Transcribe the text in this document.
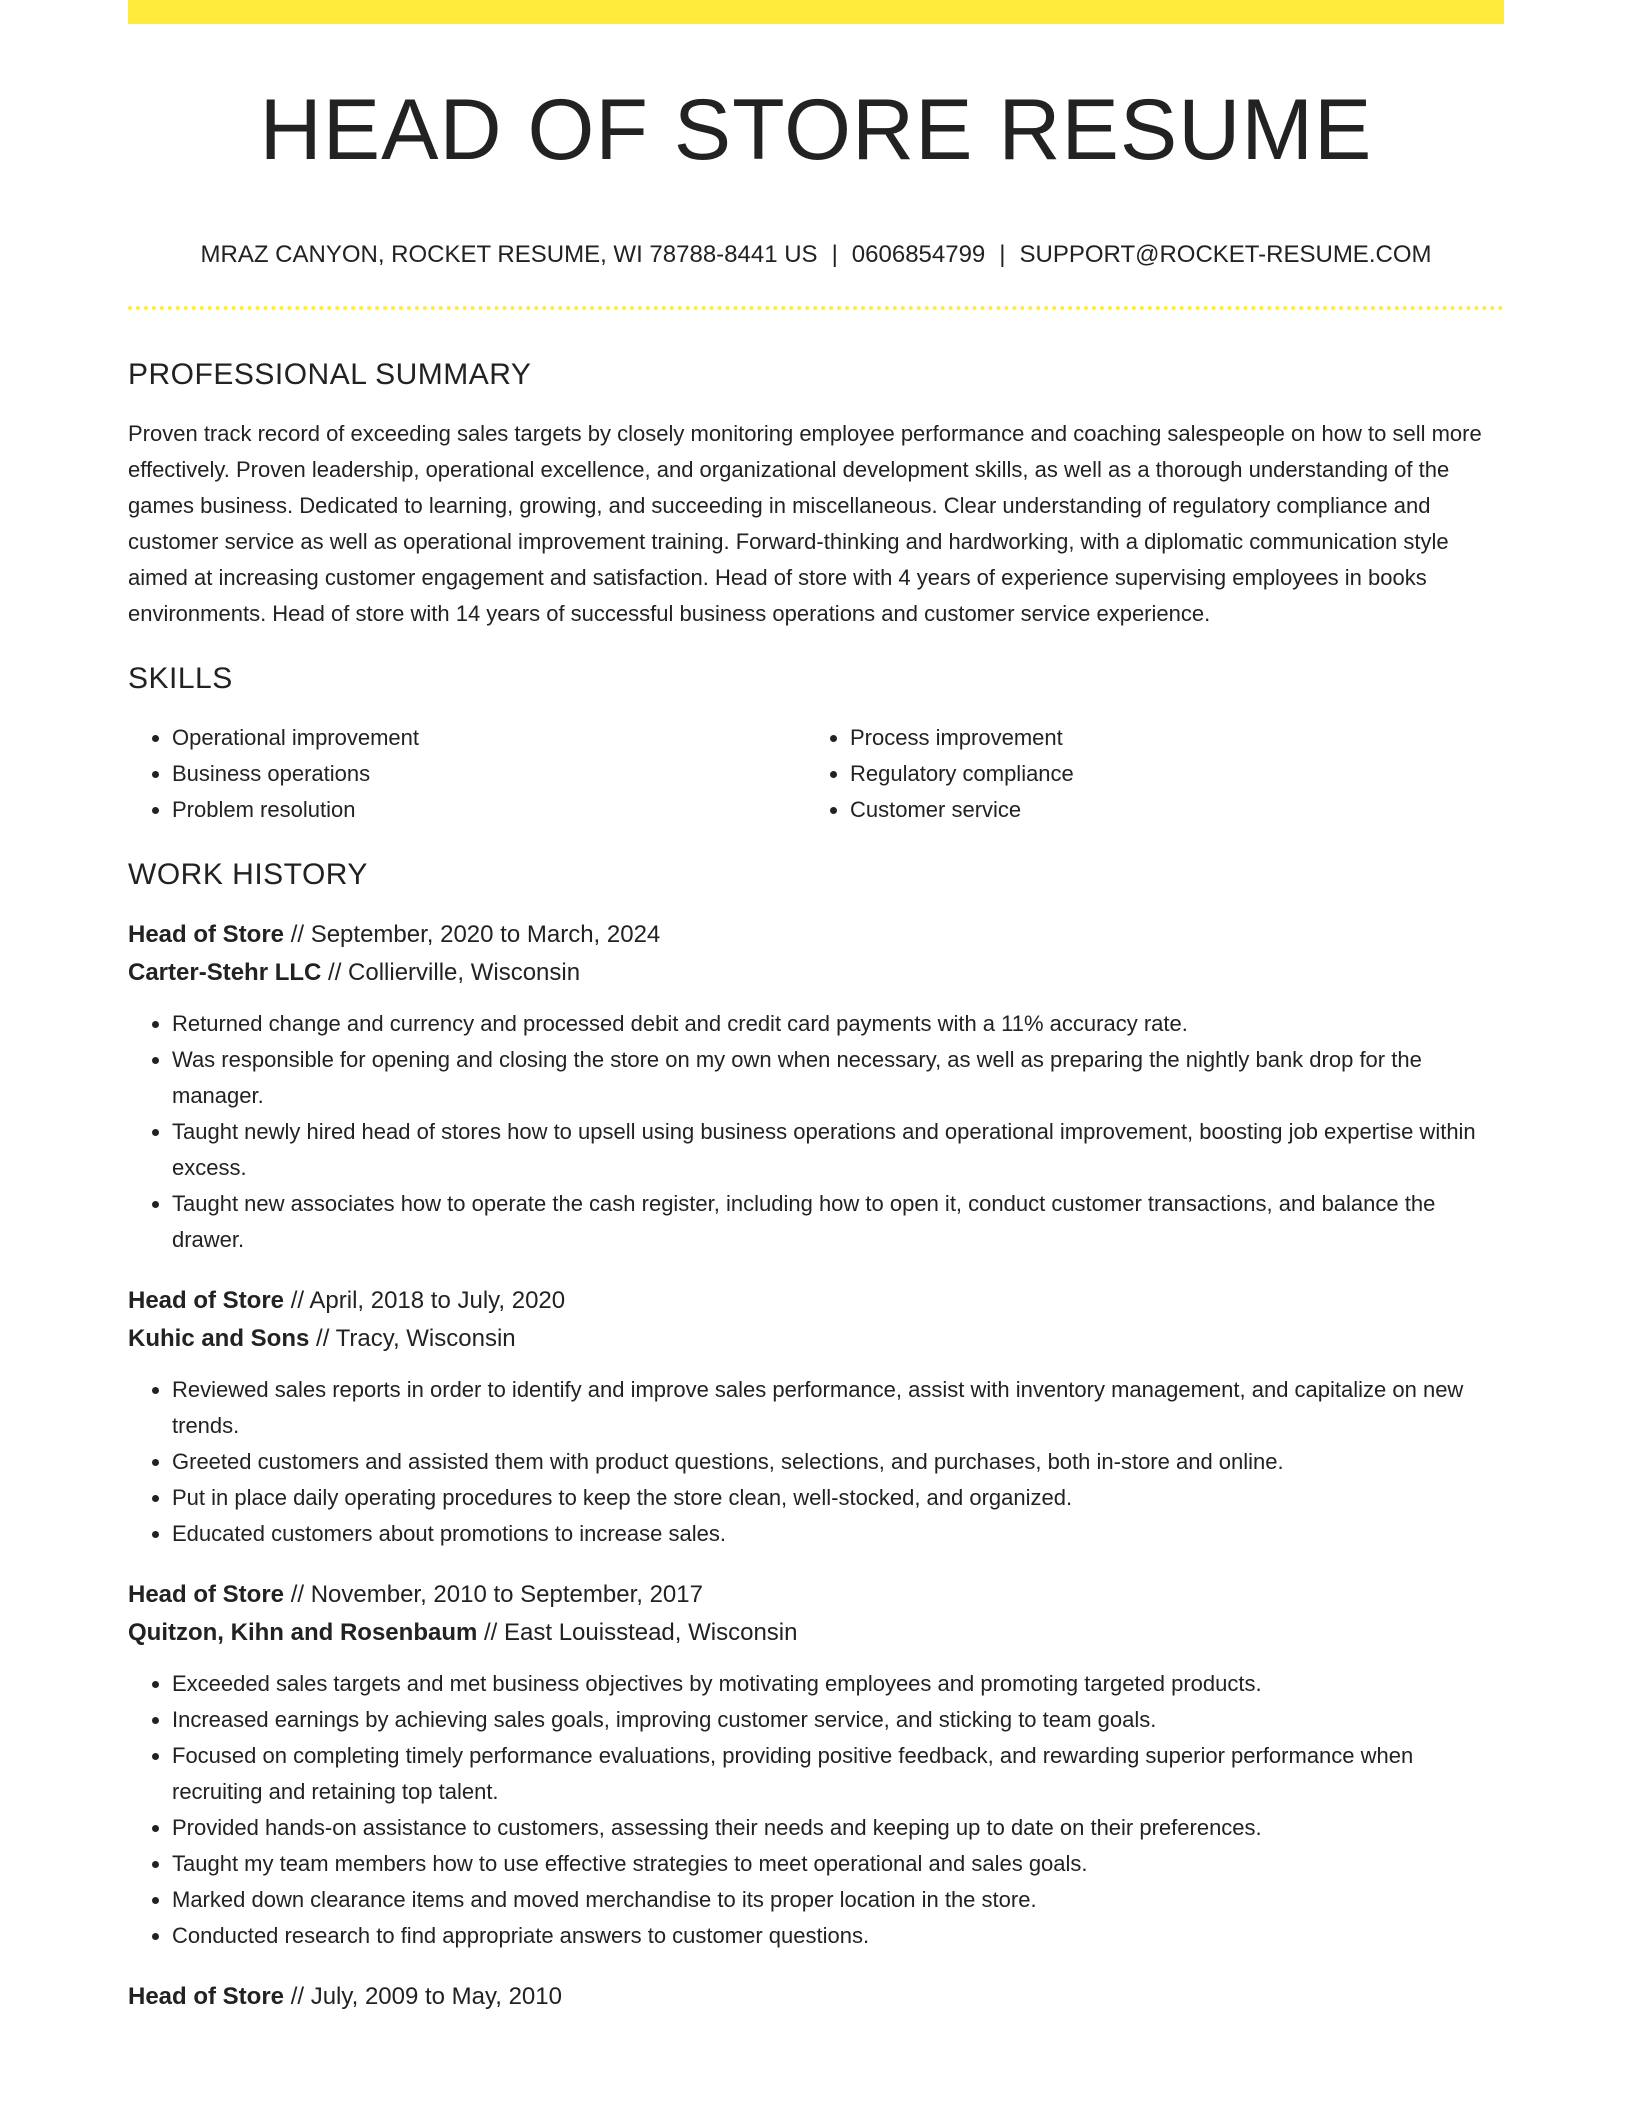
HEAD OF STORE RESUME
MRAZ CANYON, ROCKET RESUME, WI 78788-8441 US | 0606854799 | SUPPORT@ROCKET-RESUME.COM
PROFESSIONAL SUMMARY

Proven track record of exceeding sales targets by closely monitoring employee performance and coaching salespeople on how to sell more effectively. Proven leadership, operational excellence, and organizational development skills, as well as a thorough understanding of the games business. Dedicated to learning, growing, and succeeding in miscellaneous. Clear understanding of regulatory compliance and customer service as well as operational improvement training. Forward-thinking and hardworking, with a diplomatic communication style aimed at increasing customer engagement and satisfaction. Head of store with 4 years of experience supervising employees in books environments. Head of store with 14 years of successful business operations and customer service experience.

SKILLS
• Operational improvement
• Business operations
• Problem resolution
• Process improvement
• Regulatory compliance
• Customer service
WORK HISTORY
Head of Store // September, 2020 to March, 2024
Carter-Stehr LLC // Collierville, Wisconsin
• Returned change and currency and processed debit and credit card payments with a 11% accuracy rate.
• Was responsible for opening and closing the store on my own when necessary, as well as preparing the nightly bank drop for the manager.
• Taught newly hired head of stores how to upsell using business operations and operational improvement, boosting job expertise within excess.
• Taught new associates how to operate the cash register, including how to open it, conduct customer transactions, and balance the drawer.
Head of Store // April, 2018 to July, 2020
Kuhic and Sons // Tracy, Wisconsin
• Reviewed sales reports in order to identify and improve sales performance, assist with inventory management, and capitalize on new trends.
• Greeted customers and assisted them with product questions, selections, and purchases, both in-store and online.
• Put in place daily operating procedures to keep the store clean, well-stocked, and organized.
• Educated customers about promotions to increase sales.
Head of Store // November, 2010 to September, 2017
Quitzon, Kihn and Rosenbaum // East Louisstead, Wisconsin
• Exceeded sales targets and met business objectives by motivating employees and promoting targeted products.
• Increased earnings by achieving sales goals, improving customer service, and sticking to team goals.
• Focused on completing timely performance evaluations, providing positive feedback, and rewarding superior performance when recruiting and retaining top talent.
• Provided hands-on assistance to customers, assessing their needs and keeping up to date on their preferences.
• Taught my team members how to use effective strategies to meet operational and sales goals.
• Marked down clearance items and moved merchandise to its proper location in the store.
• Conducted research to find appropriate answers to customer questions.
Head of Store // July, 2009 to May, 2010
